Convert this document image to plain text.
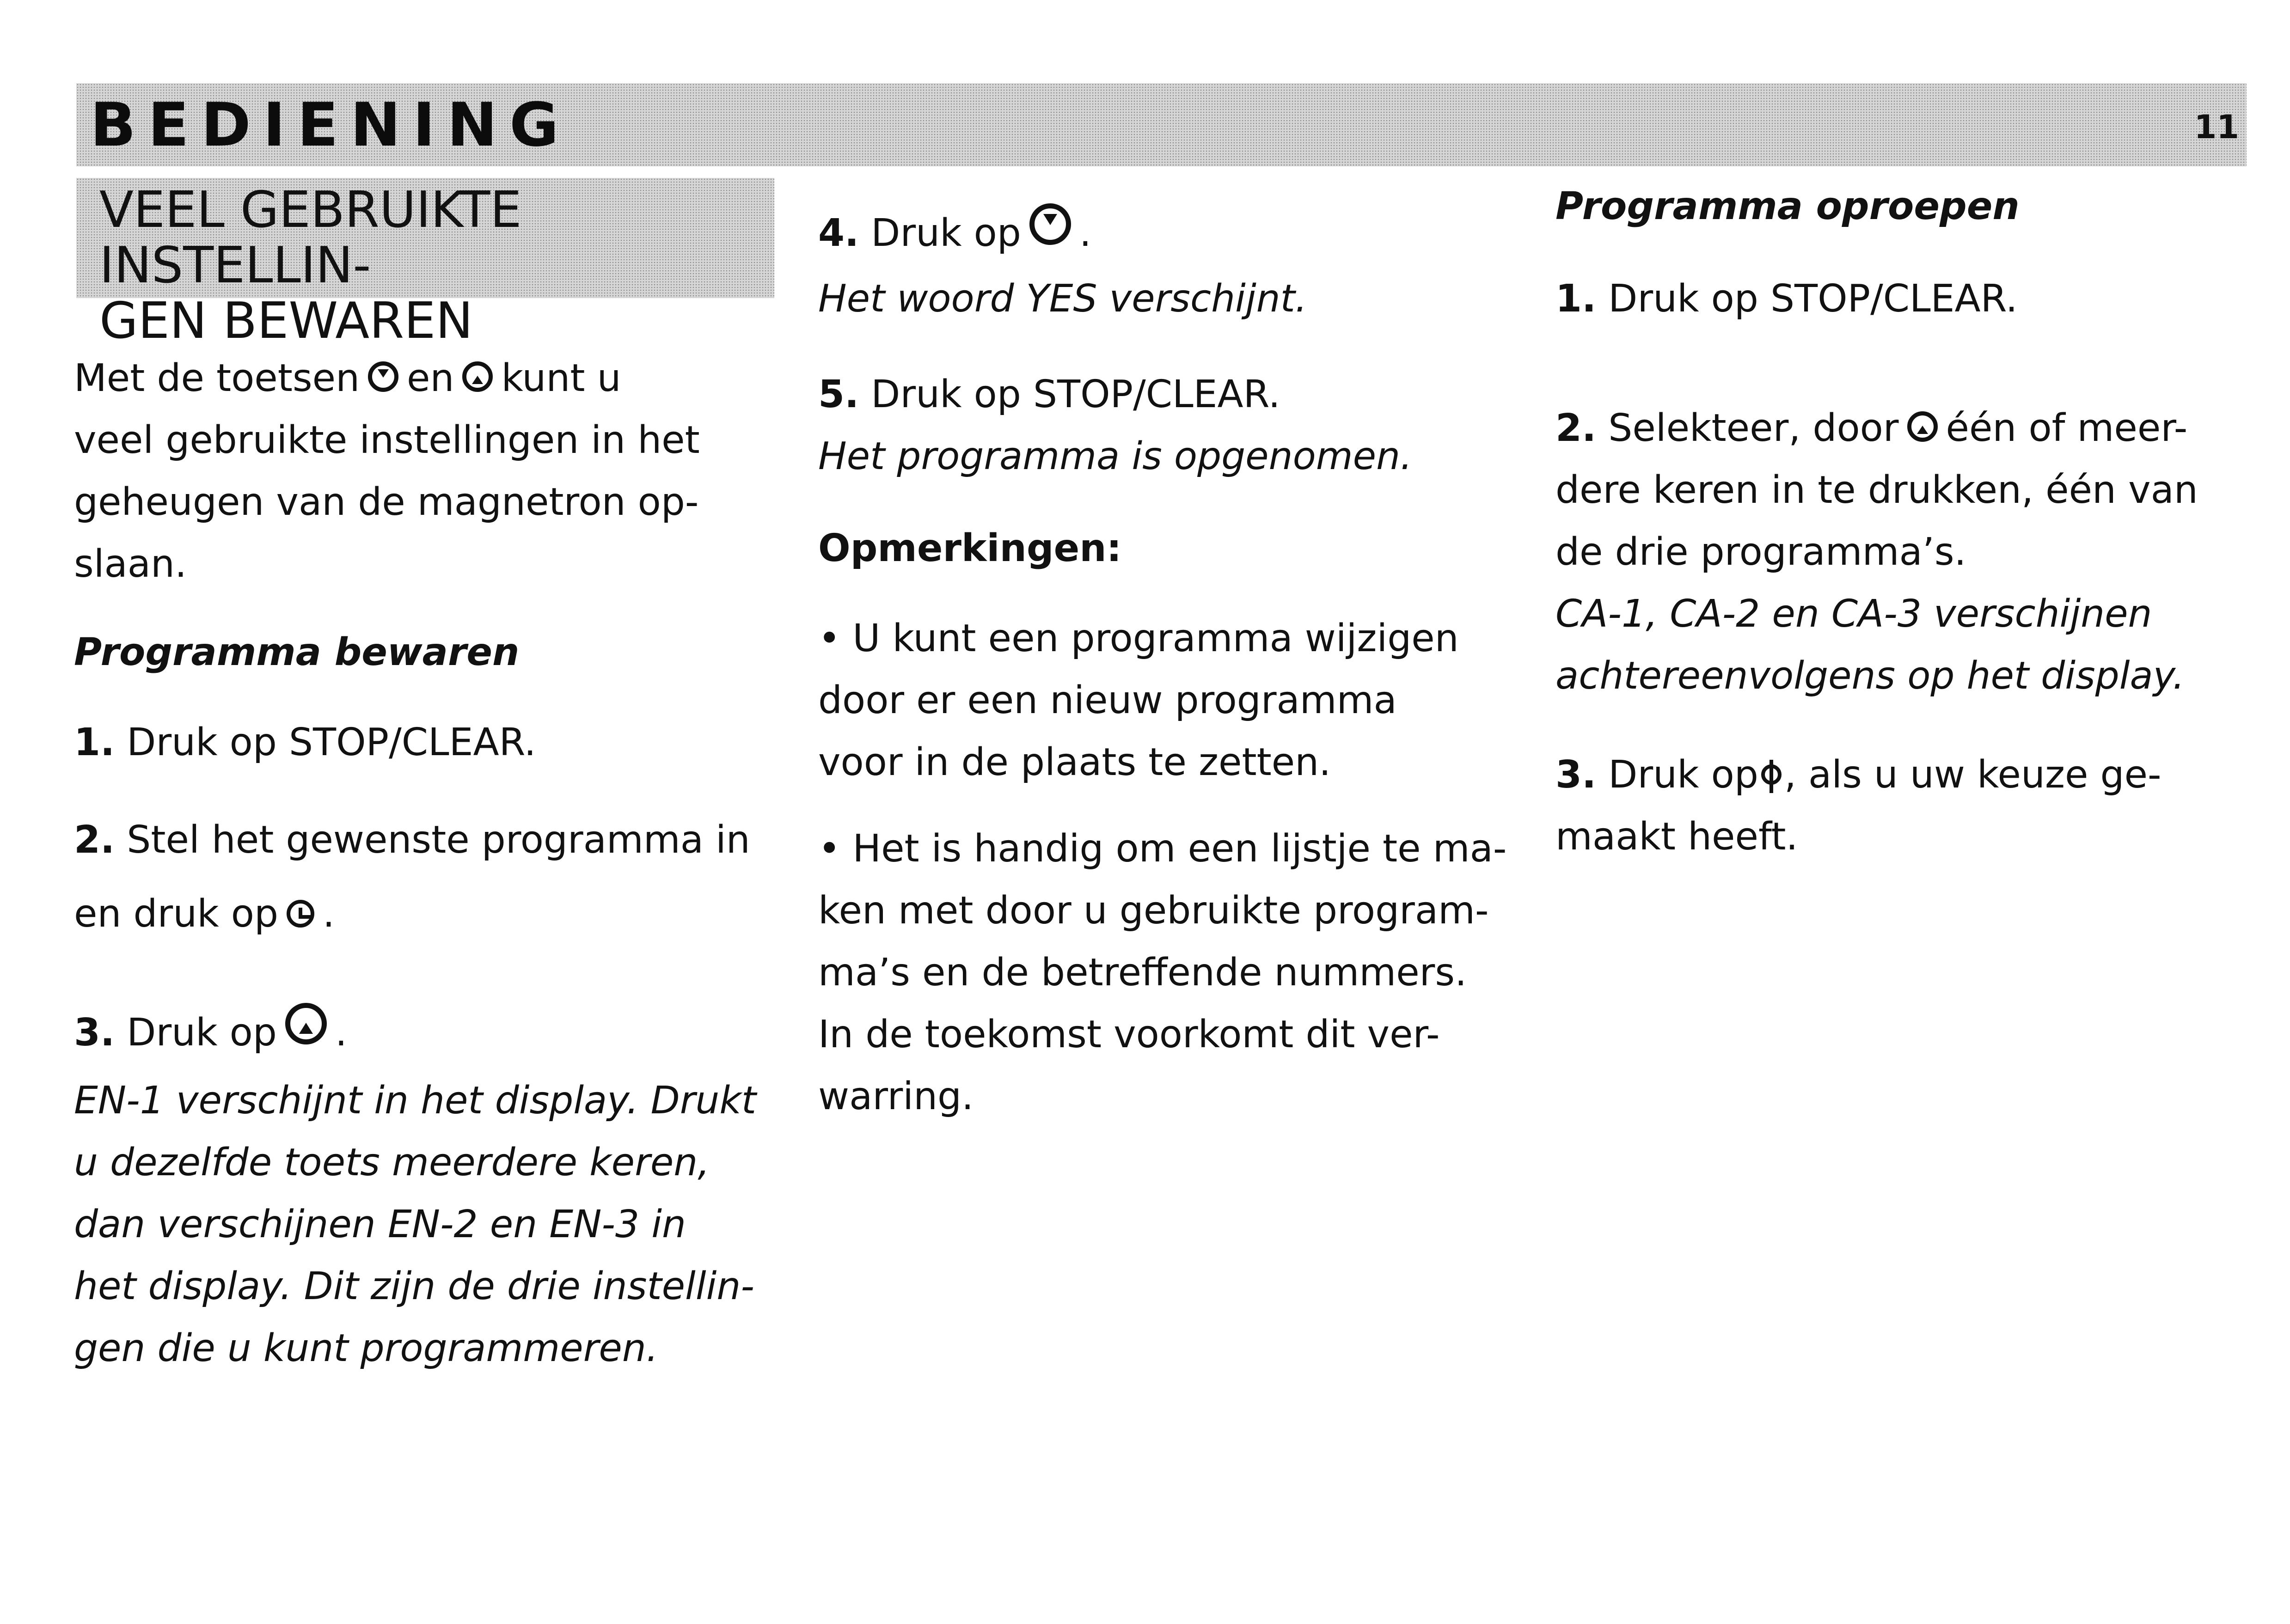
BEDIENING	11
VEEL GEBRUIKTE INSTELLIN-
GEN BEWAREN
Met de toetsen en kunt u
veel gebruikte instellingen in het
geheugen van de magnetron op-
slaan.
Programma bewaren
1. Druk op STOP/CLEAR.
2. Stel het gewenste programma in
en druk op .
3. Druk op .
EN-1 verschijnt in het display. Drukt
u dezelfde toets meerdere keren,
dan verschijnen EN-2 en EN-3 in
het display. Dit zijn de drie instellin-
gen die u kunt programmeren.
4. Druk op .
Het woord YES verschijnt.
5. Druk op STOP/CLEAR.
Het programma is opgenomen.
Opmerkingen:
• U kunt een programma wijzigen
door er een nieuw programma
voor in de plaats te zetten.
• Het is handig om een lijstje te ma-
ken met door u gebruikte program-
ma’s en de betreffende nummers.
In de toekomst voorkomt dit ver-
warring.
Programma oproepen
1. Druk op STOP/CLEAR.
2. Selekteer, door één of meer-
dere keren in te drukken, één van
de drie programma’s.
CA-1, CA-2 en CA-3 verschijnen
achtereenvolgens op het display.
3. Druk op , als u uw keuze ge-
maakt heeft.
